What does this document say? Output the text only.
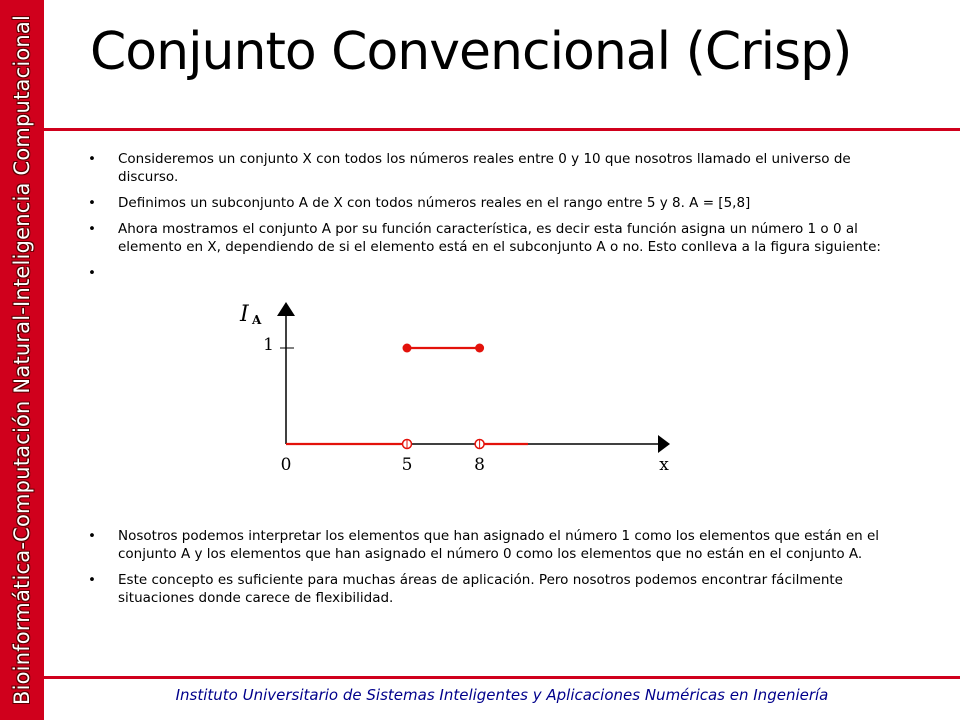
Bioinformática-Computación Natural-Inteligencia Computacional Conjunto Convencional (Crisp)
• Consideremos un conjunto X con todos los números reales entre 0 y 10 que nosotros llamado el universo de discurso.
• Definimos un subconjunto A de X con todos números reales en el rango entre 5 y 8. A = [5,8]
• Ahora mostramos el conjunto A por su función característica, es decir esta función asigna un número 1 o 0 al elemento en X, dependiendo de si el elemento está en el subconjunto A o no. Esto conlleva a la figura siguiente:
1
I A
0	5	8	x
• Nosotros podemos interpretar los elementos que han asignado el número 1 como los elementos que están en el conjunto A y los elementos que han asignado el número 0 como los elementos que no están en el conjunto A.
• Este concepto es suficiente para muchas áreas de aplicación. Pero nosotros podemos encontrar fácilmente situaciones donde carece de flexibilidad.
Instituto Universitario de Sistemas Inteligentes y Aplicaciones Numéricas en Ingeniería
